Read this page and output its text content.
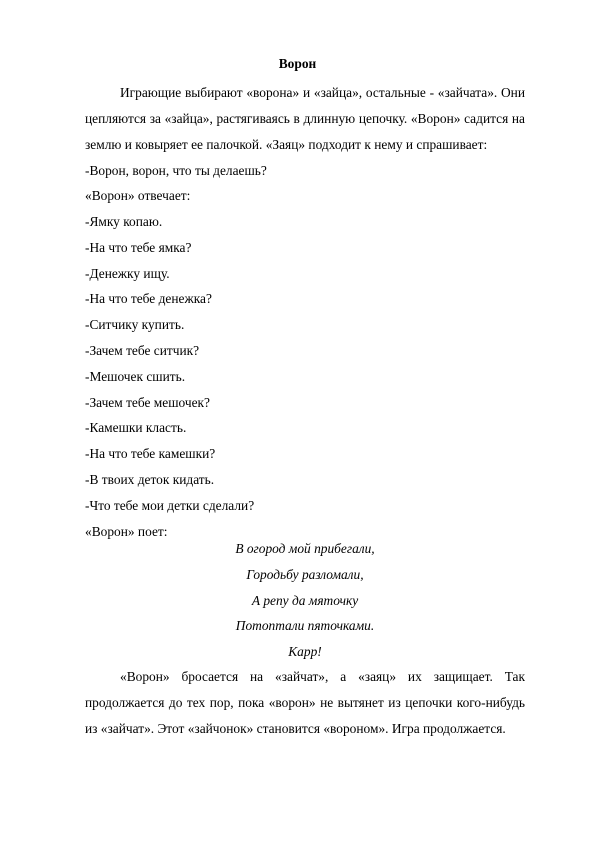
Ворон

Играющие выбирают «ворона» и «зайца», остальные - «зайчата». Они цепляются за «зайца», растягиваясь в длинную цепочку. «Ворон» садится на землю и ковыряет ее палочкой. «Заяц» подходит к нему и спрашивает:

-Ворон, ворон, что ты делаешь?
«Ворон» отвечает:
-Ямку копаю.
-На что тебе ямка?
-Денежку ищу.
-На что тебе денежка?
-Ситчику купить.
-Зачем тебе ситчик?
-Мешочек сшить.
-Зачем тебе мешочек?
-Камешки класть.
-На что тебе камешки?
-В твоих деток кидать.
-Что тебе мои детки сделали?
«Ворон» поет:
В огород мой прибегали,
Городьбу разломали,
А репу да мяточку
Потоптали пяточками.
Карр!

«Ворон» бросается на «зайчат», а «заяц» их защищает. Так продолжается до тех пор, пока «ворон» не вытянет из цепочки кого-нибудь из «зайчат». Этот «зайчонок» становится «вороном». Игра продолжается.
